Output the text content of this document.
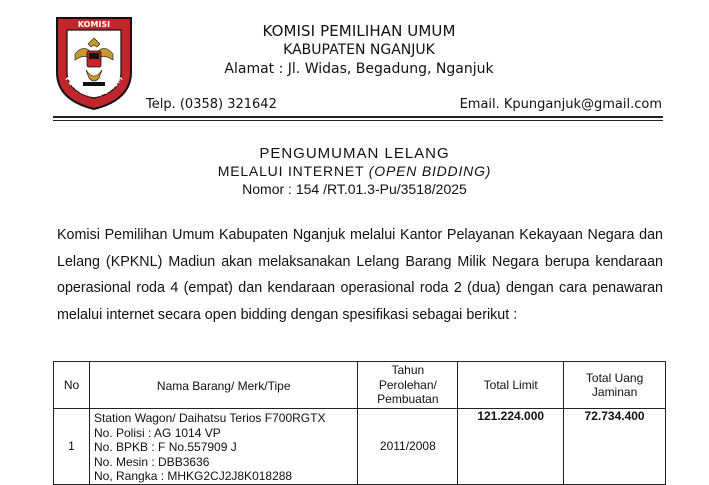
KOMISI
PEMILIHAN UMUM
KOMISI PEMILIHAN UMUM
KABUPATEN NGANJUK
Alamat : Jl. Widas, Begadung, Nganjuk
Telp. (0358) 321642	Email. Kpunganjuk@gmail.com
PENGUMUMAN LELANG
MELALUI INTERNET (OPEN BIDDING)
Nomor : 154 /RT.01.3-Pu/3518/2025
Komisi Pemilihan Umum Kabupaten Nganjuk melalui Kantor Pelayanan Kekayaan Negara dan Lelang (KPKNL) Madiun akan melaksanakan Lelang Barang Milik Negara berupa kendaraan operasional roda 4 (empat) dan kendaraan operasional roda 2 (dua) dengan cara penawaran melalui internet secara open bidding dengan spesifikasi sebagai berikut :
No	Nama Barang/ Merk/Tipe	Tahun
Perolehan/
Pembuatan	Total Limit	Total Uang
Jaminan

1	Station Wagon/ Daihatsu Terios F700RGTX
No. Polisi : AG 1014 VP
No. BPKB : F No.557909 J
No. Mesin : DBB3636
No, Rangka : MHKG2CJ2J8K018288	2011/2008	121.224.000	72.734.400
